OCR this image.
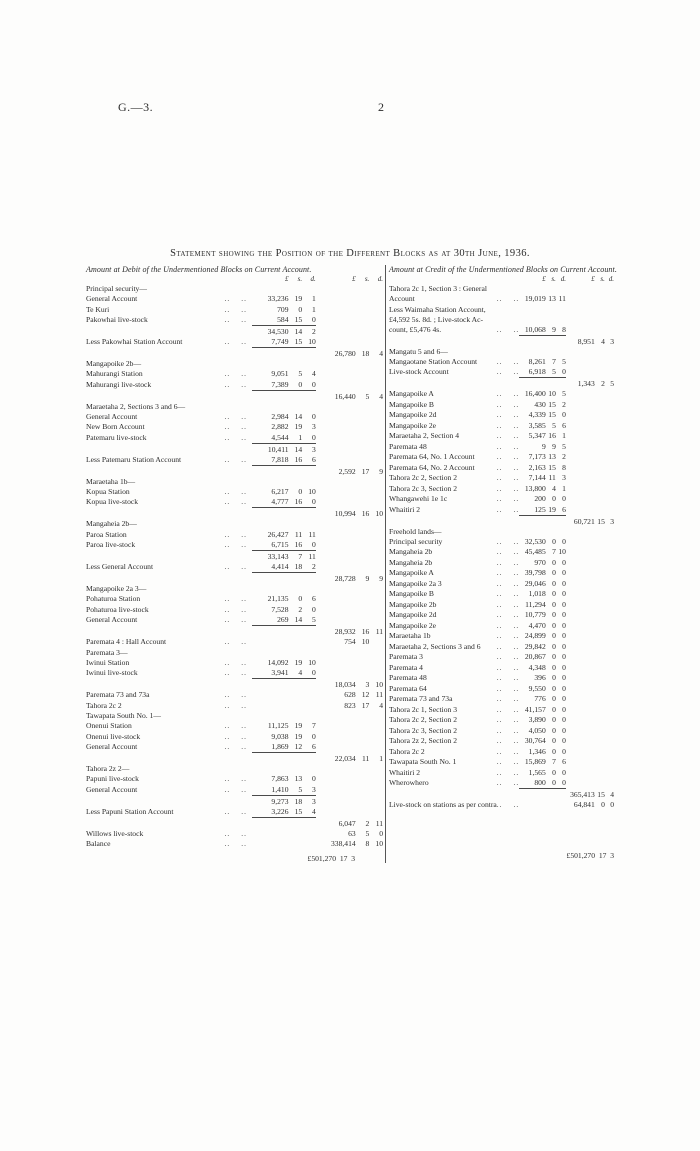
G.—3.	2
Statement showing the Position of the Different Blocks as at 30th June, 1936.
Amount at Debit of the Undermentioned Blocks on Current Account.
		£	s.	d.	£	s.	d.
Principal security—							
General Account	..    ..	33,236	19	1			
Te Kuri	..    ..	709	0	1			
Pakowhai live-stock	..    ..	584	15	0			

		34,530	14	2			
Less Pakowhai Station Account	..    ..	7,749	15	10			

					26,780	18	4
Mangapoike 2b—							
Mahurangi Station	..    ..	9,051	5	4			
Mahurangi live-stock	..    ..	7,389	0	0			

					16,440	5	4
Maraetaha 2, Sections 3 and 6—							
General Account	..    ..	2,984	14	0			
New Born Account	..    ..	2,882	19	3			
Patemaru live-stock	..    ..	4,544	1	0			

		10,411	14	3			
Less Patemaru Station Account	..    ..	7,818	16	6			

					2,592	17	9
Maraetaha 1b—							
Kopua Station	..    ..	6,217	0	10			
Kopua live-stock	..    ..	4,777	16	0			

					10,994	16	10
Mangaheia 2b—							
Paroa Station	..    ..	26,427	11	11			
Paroa live-stock	..    ..	6,715	16	0			

		33,143	7	11			
Less General Account	..    ..	4,414	18	2			

					28,728	9	9
Mangapoike 2a 3—							
Pohaturoa Station	..    ..	21,135	0	6			
Pohaturoa live-stock	..    ..	7,528	2	0			
General Account	..    ..	269	14	5			

					28,932	16	11
Paremata 4 : Hall Account	..    ..				754	10	
Paremata 3—							
Iwinui Station	..    ..	14,092	19	10			
Iwinui live-stock	..    ..	3,941	4	0			

					18,034	3	10
Paremata 73 and 73a	..    ..				628	12	11
Tahora 2c 2	..    ..				823	17	4
Tawapata South No. 1—							
Onenui Station	..    ..	11,125	19	7			
Onenui live-stock	..    ..	9,038	19	0			
General Account	..    ..	1,869	12	6			

					22,034	11	1
Tahora 2z 2—							
Papuni live-stock	..    ..	7,863	13	0			
General Account	..    ..	1,410	5	3			

		9,273	18	3			
Less Papuni Station Account	..    ..	3,226	15	4			

					6,047	2	11
Willows live-stock	..    ..				63	5	0
Balance	..    ..				338,414	8	10
£501,270 17 3
Amount at Credit of the Undermentioned Blocks on Current Account.
		£	s.	d.	£	s.	d.
Tahora 2c 1, Section 3 : General							
Account	..    ..	19,019	13	11			
Less Waimaha Station Account,							
£4,592 5s. 8d. ; Live-stock Ac-							
count, £5,476 4s.	..    ..	10,068	9	8			

					8,951	4	3
Mangatu 5 and 6—							
Mangaotane Station Account	..    ..	8,261	7	5			
Live-stock Account	..    ..	6,918	5	0			

					1,343	2	5
Mangapoike A	..    ..	16,400	10	5			
Mangapoike B	..    ..	430	15	2			
Mangapoike 2d	..    ..	4,339	15	0			
Mangapoike 2e	..    ..	3,585	5	6			
Maraetaha 2, Section 4	..    ..	5,347	16	1			
Paremata 48	..    ..	9	9	5			
Paremata 64, No. 1 Account	..    ..	7,173	13	2			
Paremata 64, No. 2 Account	..    ..	2,163	15	8			
Tahora 2c 2, Section 2	..    ..	7,144	11	3			
Tahora 2c 3, Section 2	..    ..	13,800	4	1			
Whangawehi 1e 1c	..    ..	200	0	0			
Whaitiri 2	..    ..	125	19	6			

					60,721	15	3
Freehold lands—							
Principal security	..    ..	32,530	0	0			
Mangaheia 2b	..    ..	45,485	7	10			
Mangaheia 2b	..    ..	970	0	0			
Mangapoike A	..    ..	39,798	0	0			
Mangapoike 2a 3	..    ..	29,046	0	0			
Mangapoike B	..    ..	1,018	0	0			
Mangapoike 2b	..    ..	11,294	0	0			
Mangapoike 2d	..    ..	10,779	0	0			
Mangapoike 2e	..    ..	4,470	0	0			
Maraetaha 1b	..    ..	24,899	0	0			
Maraetaha 2, Sections 3 and 6	..    ..	29,842	0	0			
Paremata 3	..    ..	20,867	0	0			
Paremata 4	..    ..	4,348	0	0			
Paremata 48	..    ..	396	0	0			
Paremata 64	..    ..	9,550	0	0			
Paremata 73 and 73a	..    ..	776	0	0			
Tahora 2c 1, Section 3	..    ..	41,157	0	0			
Tahora 2c 2, Section 2	..    ..	3,890	0	0			
Tahora 2c 3, Section 2	..    ..	4,050	0	0			
Tahora 2z 2, Section 2	..    ..	30,764	0	0			
Tahora 2c 2	..    ..	1,346	0	0			
Tawapata South No. 1	..    ..	15,869	7	6			
Whaitiri 2	..    ..	1,565	0	0			
Wherowhero	..    ..	800	0	0			

					365,413	15	4
Live-stock on stations as per contra	..    ..				64,841	0	0
£501,270 17 3
